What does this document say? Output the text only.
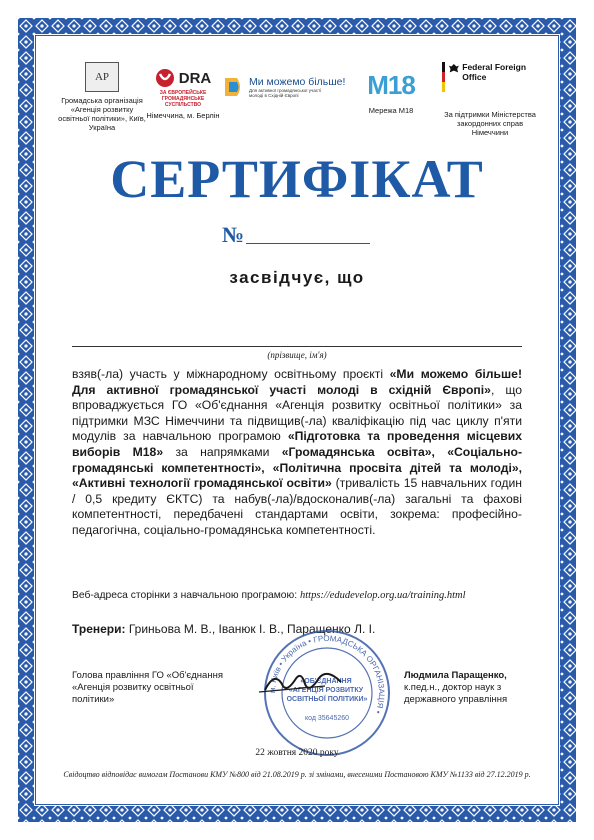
AP
Громадська організація «Агенція розвитку освітньої політики», Київ, Україна
DRA
ЗА ЄВРОПЕЙСЬКЕ ГРОМАДЯНСЬКЕ СУСПІЛЬСТВО
Німеччина, м. Берлін
Ми можемо більше!
Для активної громадянської участі молоді в Східній Європі	M18
Мережа М18
Federal Foreign Office
За підтримки Міністерства закордонних справ Німеччини
СЕРТИФІКАТ
№
засвідчує, що
(прізвище, ім'я)
взяв(-ла) участь у міжнародному освітньому проєкті «Ми можемо більше! Для активної громадянської участі молоді в східній Європі», що впроваджується ГО «Об'єднання «Агенція розвитку освітньої політики» за підтримки МЗС Німеччини та підвищив(-ла) кваліфікацію під час циклу п'яти модулів за навчальною програмою «Підготовка та проведення місцевих виборів М18» за напрямками «Громадянська освіта», «Соціально-громадянські компетентності», «Політична просвіта дітей та молоді», «Активні технології громадянської освіти» (тривалість 15 навчальних годин / 0,5 кредиту ЄКТС) та набув(-ла)/вдосконалив(-ла) загальні та фахові компетентності, передбачені стандартами освіти, зокрема: професійно-педагогічна, соціально-громадянська компетентності.
Веб-адреса сторінки з навчальною програмою: https://edudevelop.org.ua/training.html
Тренери: Гриньова М. В., Іванюк І. В., Паращенко Л. І.
м. Київ • Україна • ГРОМАДСЬКА ОРГАНІЗАЦІЯ •
«ОБ'ЄДНАННЯ «АГЕНЦІЯ РОЗВИТКУ ОСВІТНЬОЇ ПОЛІТИКИ»
код 35645260
Голова правління ГО «Об'єднання «Агенція розвитку освітньої політики»
Людмила Паращенко,
к.пед.н., доктор наук з державного управління
22 жовтня 2020 року
Свідоцтво відповідає вимогам Постанови КМУ №800 від 21.08.2019 р. зі змінами, внесеними Постановою КМУ №1133 від 27.12.2019 р.
